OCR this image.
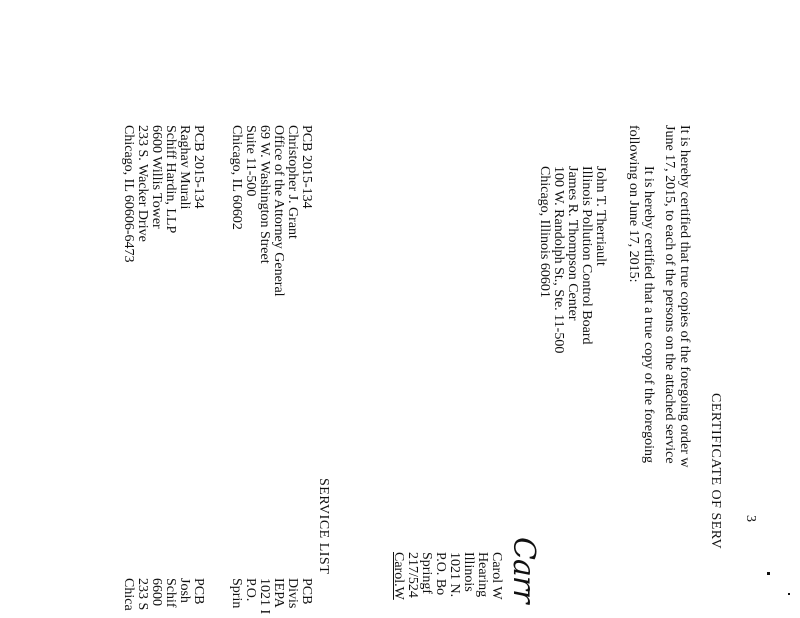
3
CERTIFICATE OF SERV
It is hereby certified that true copies of the foregoing order w
June 17, 2015, to each of the persons on the attached service
It is hereby certified that a true copy of the foregoing
following on June 17, 2015:
John T. Therriault
Illinois Pollution Control Board
James R. Thompson Center
100 W. Randolph St., Ste. 11-500
Chicago, Illinois 60601
Carr
Carol W
Hearing
Illinois
1021 N.
P.O. Bo
Springf
217/524
Carol.W
SERVICE LIST
PCB 2015-134
Christopher J. Grant
Office of the Attorney General
69 W. Washington Street
Suite 11-500
Chicago, IL 60602
PCB 2015-134
Raghav Murali
Schiff Hardin, LLP
6600 Willis Tower
233 S. Wacker Drive
Chicago, IL 60606-6473
PCB
Divis
IEPA
1021 I
P.O.
Sprin
PCB
Josh
Schif
6600
233 S
Chica
